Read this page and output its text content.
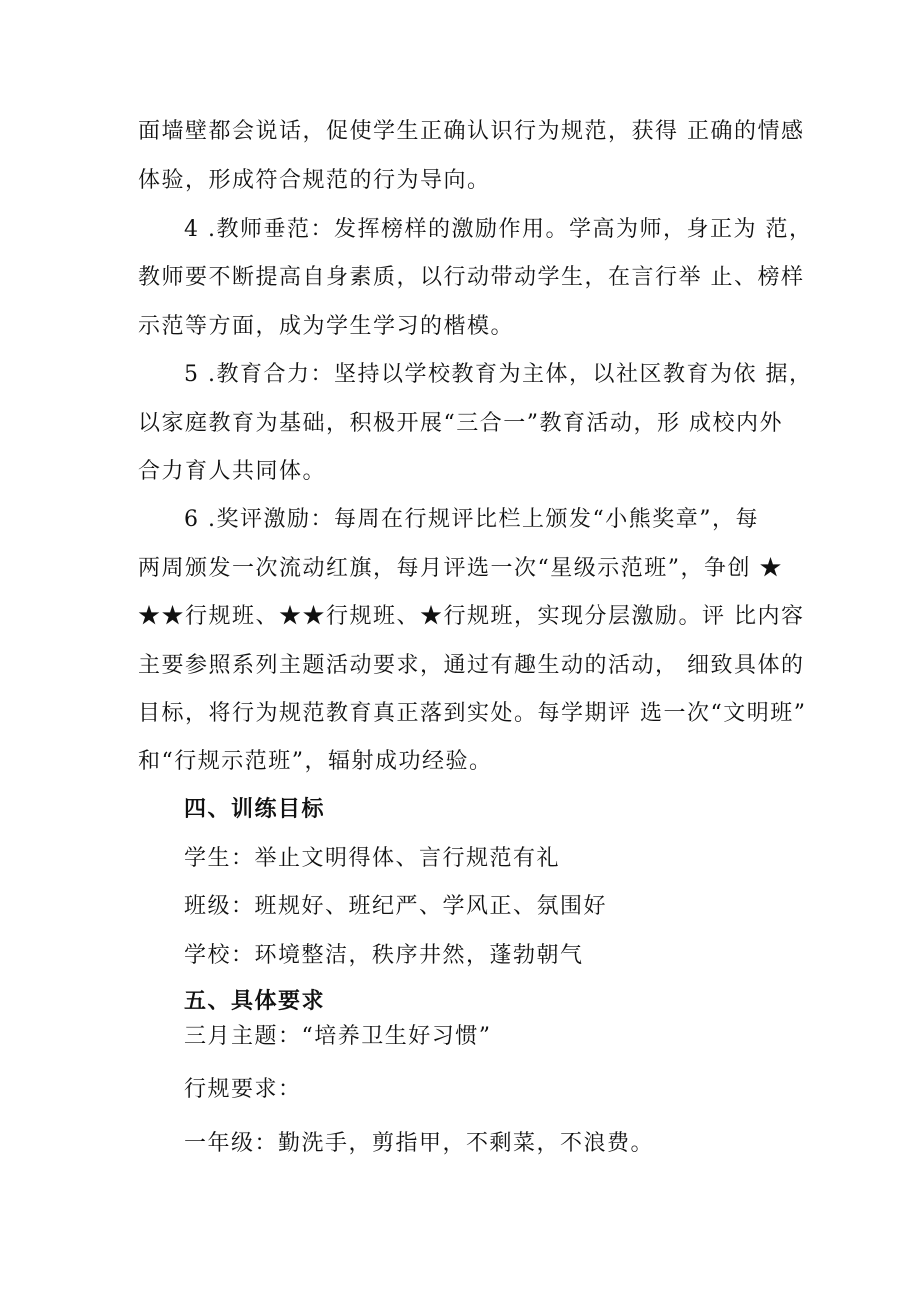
面墙壁都会说话，促使学生正确认识行为规范，获得 正确的情感
体验，形成符合规范的行为导向。
4 .教师垂范：发挥榜样的激励作用。学高为师，身正为 范，
教师要不断提高自身素质，以行动带动学生，在言行举 止、榜样
示范等方面，成为学生学习的楷模。
5 .教育合力：坚持以学校教育为主体，以社区教育为依 据，
以家庭教育为基础，积极开展“三合一”教育活动，形 成校内外
合力育人共同体。
6 .奖评激励：每周在行规评比栏上颁发“小熊奖章”，每
两周颁发一次流动红旗，每月评选一次“星级示范班”，争创 ★
★★行规班、★★行规班、★行规班，实现分层激励。评 比内容
主要参照系列主题活动要求，通过有趣生动的活动， 细致具体的
目标，将行为规范教育真正落到实处。每学期评 选一次“文明班”
和“行规示范班”，辐射成功经验。
四、训练目标
学生：举止文明得体、言行规范有礼
班级：班规好、班纪严、学风正、氛围好
学校：环境整洁，秩序井然，蓬勃朝气
五、具体要求
三月主题：“培养卫生好习惯”
行规要求：
一年级：勤洗手，剪指甲，不剩菜，不浪费。
